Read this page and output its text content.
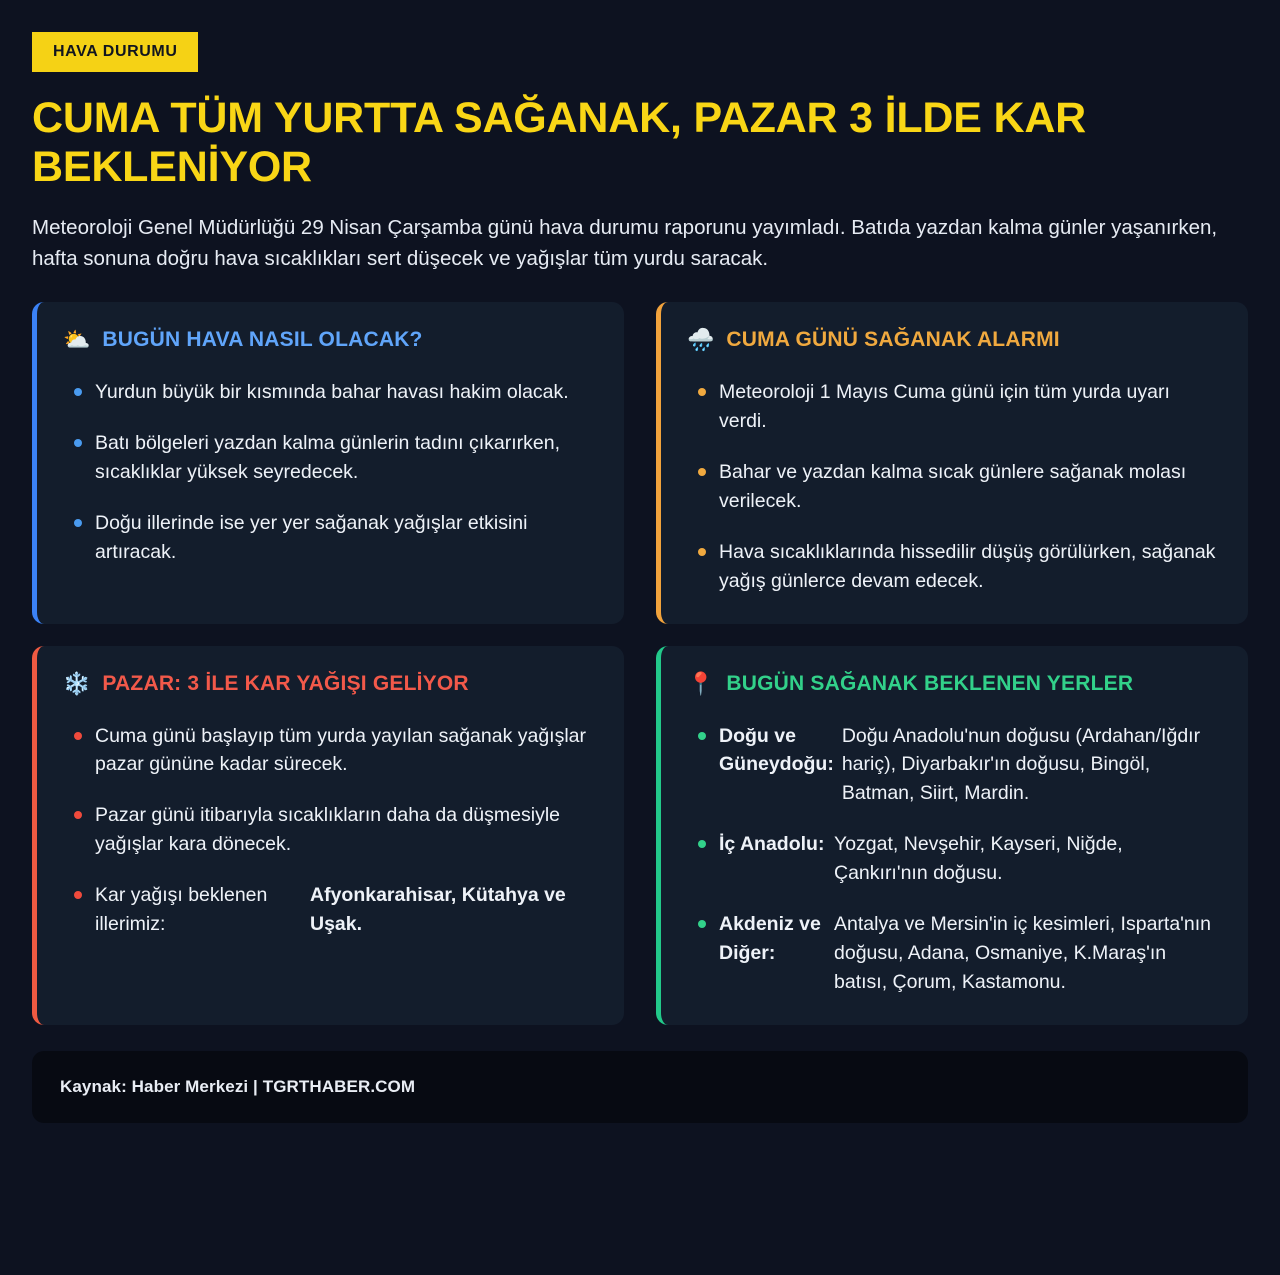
HAVA DURUMU
CUMA TÜM YURTTA SAĞANAK, PAZAR 3 İLDE KAR BEKLENİYOR

Meteoroloji Genel Müdürlüğü 29 Nisan Çarşamba günü hava durumu raporunu yayımladı. Batıda yazdan kalma günler yaşanırken, hafta sonuna doğru hava sıcaklıkları sert düşecek ve yağışlar tüm yurdu saracak.

⛅ BUGÜN HAVA NASIL OLACAK?
Yurdun büyük bir kısmında bahar havası hakim olacak.
Batı bölgeleri yazdan kalma günlerin tadını çıkarırken, sıcaklıklar yüksek seyredecek.
Doğu illerinde ise yer yer sağanak yağışlar etkisini artıracak.
🌧️ CUMA GÜNÜ SAĞANAK ALARMI
Meteoroloji 1 Mayıs Cuma günü için tüm yurda uyarı verdi.
Bahar ve yazdan kalma sıcak günlere sağanak molası verilecek.
Hava sıcaklıklarında hissedilir düşüş görülürken, sağanak yağış günlerce devam edecek.
❄️ PAZAR: 3 İLE KAR YAĞIŞI GELİYOR
Cuma günü başlayıp tüm yurda yayılan sağanak yağışlar pazar gününe kadar sürecek.
Pazar günü itibarıyla sıcaklıkların daha da düşmesiyle yağışlar kara dönecek.
Kar yağışı beklenen illerimiz:
Afyonkarahisar, Kütahya ve Uşak.
📍 BUGÜN SAĞANAK BEKLENEN YERLER
Doğu ve Güneydoğu:
Doğu Anadolu'nun doğusu (Ardahan/Iğdır hariç), Diyarbakır'ın doğusu, Bingöl, Batman, Siirt, Mardin.
İç Anadolu: Yozgat, Nevşehir, Kayseri, Niğde, Çankırı'nın doğusu.
Akdeniz ve Diğer:
Antalya ve Mersin'in iç kesimleri, Isparta'nın doğusu, Adana, Osmaniye, K.Maraş'ın batısı, Çorum, Kastamonu.
Kaynak: Haber Merkezi | TGRTHABER.COM
